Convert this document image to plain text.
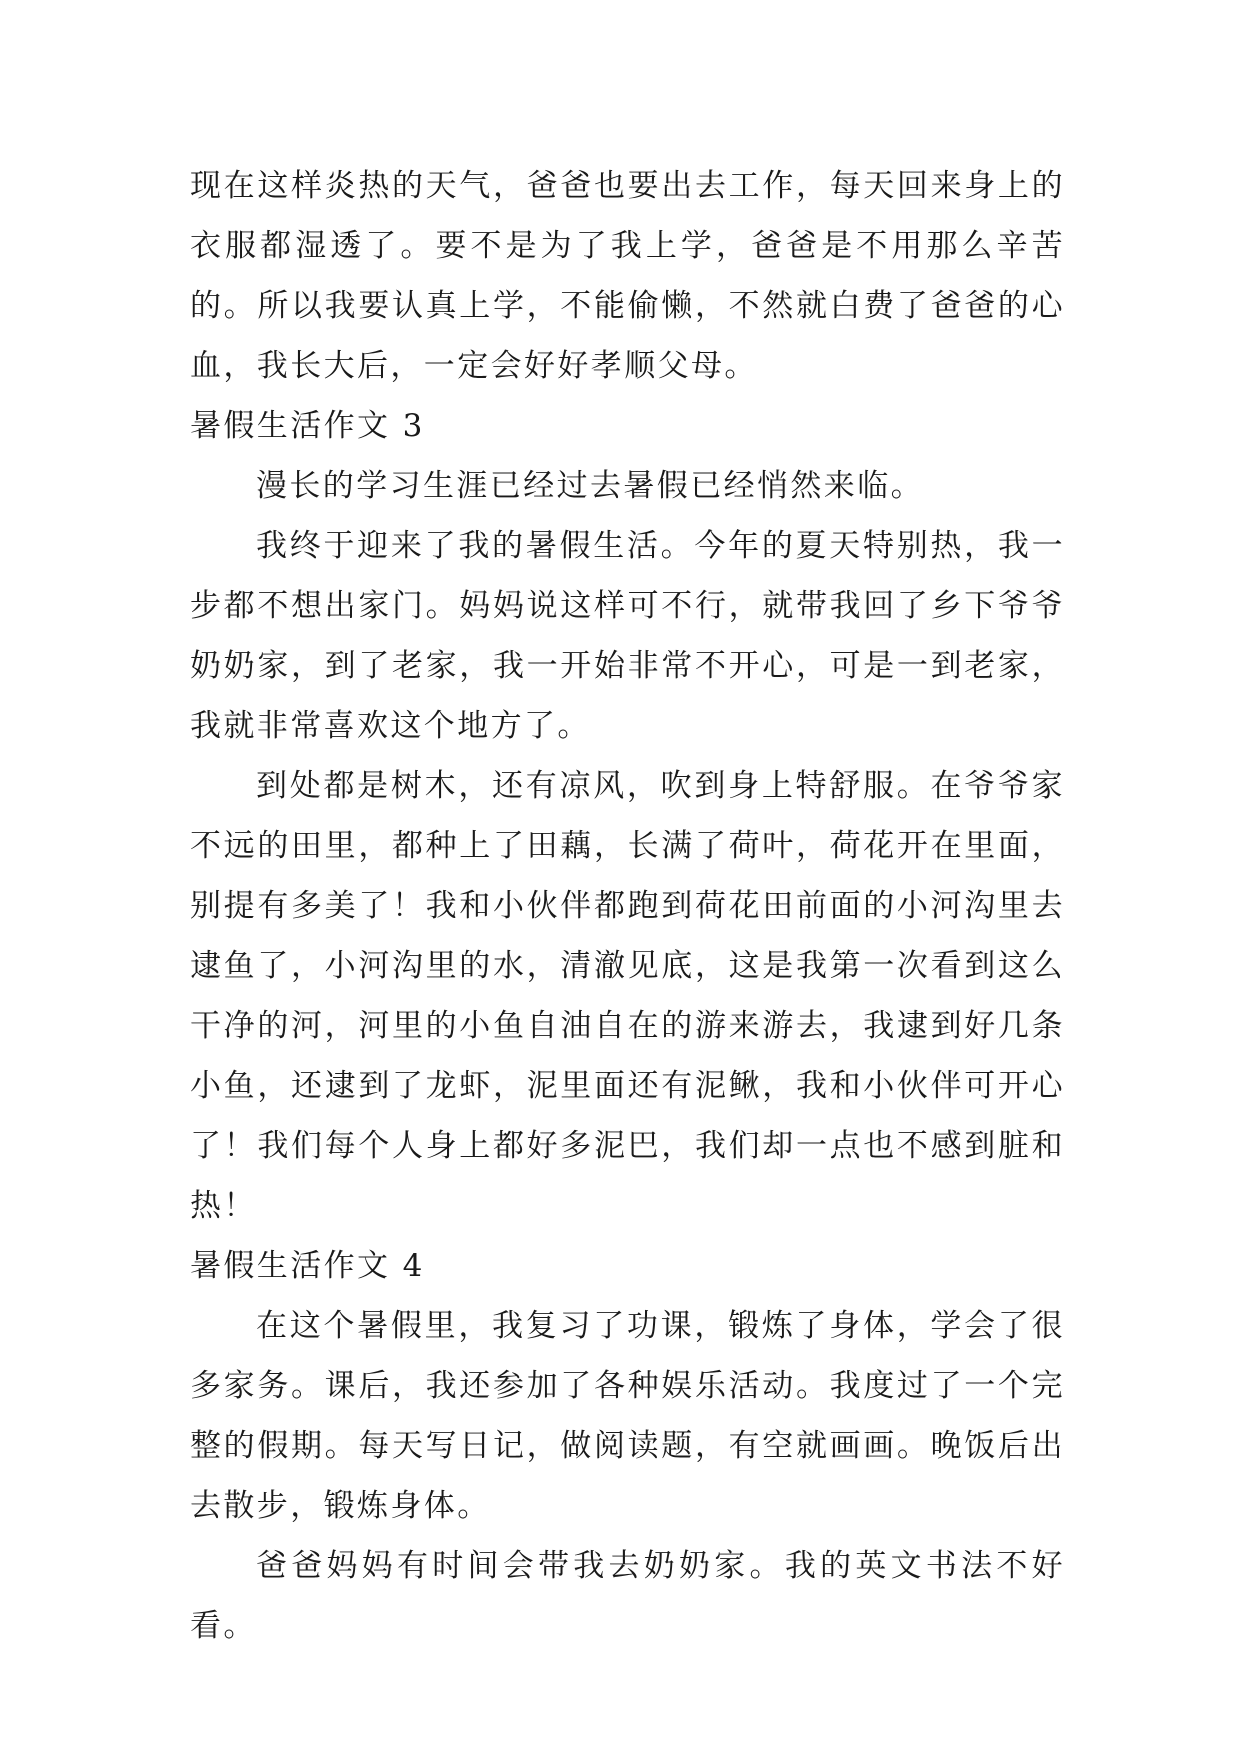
现在这样炎热的天气，爸爸也要出去工作，每天回来身上的衣服都湿透了。要不是为了我上学，爸爸是不用那么辛苦的。所以我要认真上学，不能偷懒，不然就白费了爸爸的心血，我长大后，一定会好好孝顺父母。

暑假生活作文 3

漫长的学习生涯已经过去暑假已经悄然来临。

我终于迎来了我的暑假生活。今年的夏天特别热，我一步都不想出家门。妈妈说这样可不行，就带我回了乡下爷爷奶奶家，到了老家，我一开始非常不开心，可是一到老家，我就非常喜欢这个地方了。

到处都是树木，还有凉风，吹到身上特舒服。在爷爷家不远的田里，都种上了田藕，长满了荷叶，荷花开在里面，别提有多美了！我和小伙伴都跑到荷花田前面的小河沟里去逮鱼了，小河沟里的水，清澈见底，这是我第一次看到这么干净的河，河里的小鱼自油自在的游来游去，我逮到好几条小鱼，还逮到了龙虾，泥里面还有泥鳅，我和小伙伴可开心了！我们每个人身上都好多泥巴，我们却一点也不感到脏和热！

暑假生活作文 4

在这个暑假里，我复习了功课，锻炼了身体，学会了很多家务。课后，我还参加了各种娱乐活动。我度过了一个完整的假期。每天写日记，做阅读题，有空就画画。晚饭后出去散步，锻炼身体。

爸爸妈妈有时间会带我去奶奶家。我的英文书法不好看。
